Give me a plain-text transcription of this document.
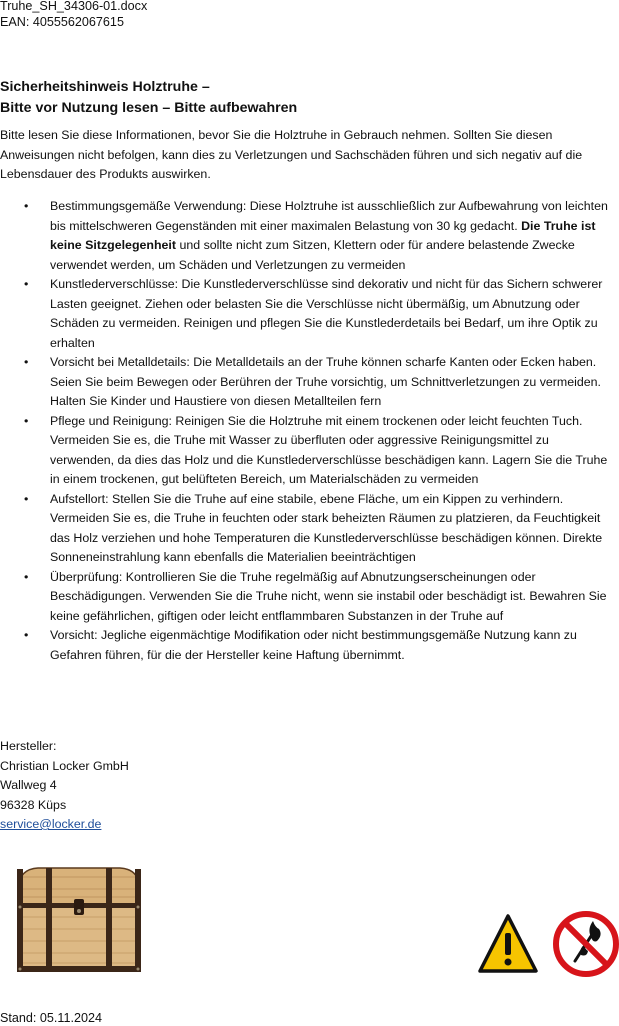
Truhe_SH_34306-01.docx
EAN: 4055562067615
Sicherheitshinweis Holztruhe –
Bitte vor Nutzung lesen – Bitte aufbewahren
Bitte lesen Sie diese Informationen, bevor Sie die Holztruhe in Gebrauch nehmen. Sollten Sie diesen Anweisungen nicht befolgen, kann dies zu Verletzungen und Sachschäden führen und sich negativ auf die Lebensdauer des Produkts auswirken.
• Bestimmungsgemäße Verwendung: Diese Holztruhe ist ausschließlich zur Aufbewahrung von leichten bis mittelschweren Gegenständen mit einer maximalen Belastung von 30 kg gedacht. Die Truhe ist keine Sitzgelegenheit und sollte nicht zum Sitzen, Klettern oder für andere belastende Zwecke verwendet werden, um Schäden und Verletzungen zu vermeiden
• Kunstlederverschlüsse: Die Kunstlederverschlüsse sind dekorativ und nicht für das Sichern schwerer Lasten geeignet. Ziehen oder belasten Sie die Verschlüsse nicht übermäßig, um Abnutzung oder Schäden zu vermeiden. Reinigen und pflegen Sie die Kunstlederdetails bei Bedarf, um ihre Optik zu erhalten
• Vorsicht bei Metalldetails: Die Metalldetails an der Truhe können scharfe Kanten oder Ecken haben. Seien Sie beim Bewegen oder Berühren der Truhe vorsichtig, um Schnittverletzungen zu vermeiden. Halten Sie Kinder und Haustiere von diesen Metallteilen fern
• Pflege und Reinigung: Reinigen Sie die Holztruhe mit einem trockenen oder leicht feuchten Tuch. Vermeiden Sie es, die Truhe mit Wasser zu überfluten oder aggressive Reinigungsmittel zu verwenden, da dies das Holz und die Kunstlederverschlüsse beschädigen kann. Lagern Sie die Truhe in einem trockenen, gut belüfteten Bereich, um Materialschäden zu vermeiden
• Aufstellort: Stellen Sie die Truhe auf eine stabile, ebene Fläche, um ein Kippen zu verhindern. Vermeiden Sie es, die Truhe in feuchten oder stark beheizten Räumen zu platzieren, da Feuchtigkeit das Holz verziehen und hohe Temperaturen die Kunstlederverschlüsse beschädigen können. Direkte Sonneneinstrahlung kann ebenfalls die Materialien beeinträchtigen
• Überprüfung: Kontrollieren Sie die Truhe regelmäßig auf Abnutzungserscheinungen oder Beschädigungen. Verwenden Sie die Truhe nicht, wenn sie instabil oder beschädigt ist. Bewahren Sie keine gefährlichen, giftigen oder leicht entflammbaren Substanzen in der Truhe auf
• Vorsicht: Jegliche eigenmächtige Modifikation oder nicht bestimmungsgemäße Nutzung kann zu Gefahren führen, für die der Hersteller keine Haftung übernimmt.
Hersteller:
Christian Locker GmbH
Wallweg 4
96328 Küps
service@locker.de
Stand: 05.11.2024
